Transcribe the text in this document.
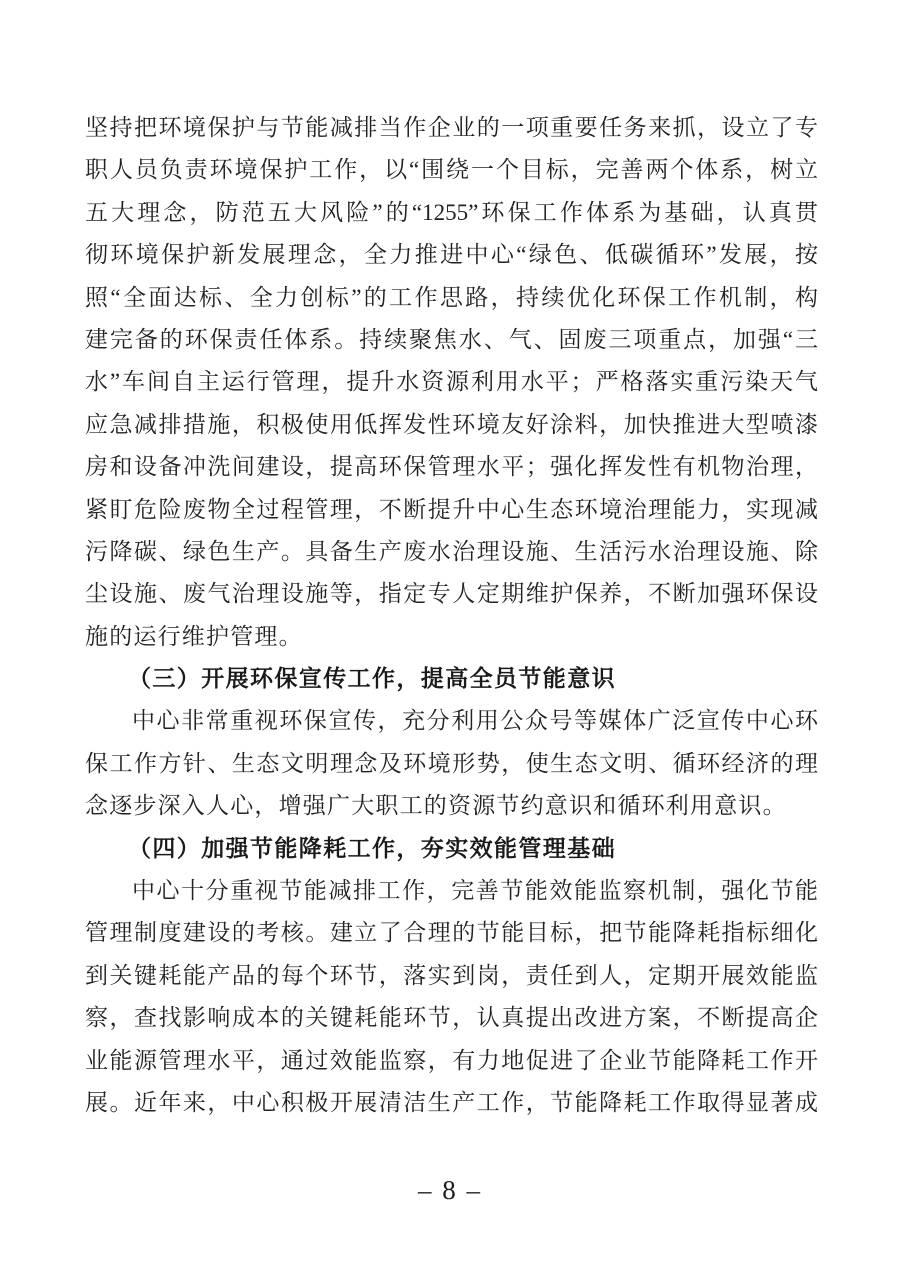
坚持把环境保护与节能减排当作企业的一项重要任务来抓，设立了专
职人员负责环境保护工作，以“围绕一个目标，完善两个体系，树立
五大理念，防范五大风险”的“1255”环保工作体系为基础，认真贯
彻环境保护新发展理念，全力推进中心“绿色、低碳循环”发展，按
照“全面达标、全力创标”的工作思路，持续优化环保工作机制，构
建完备的环保责任体系。持续聚焦水、气、固废三项重点，加强“三
水”车间自主运行管理，提升水资源利用水平；严格落实重污染天气
应急减排措施，积极使用低挥发性环境友好涂料，加快推进大型喷漆
房和设备冲洗间建设，提高环保管理水平；强化挥发性有机物治理，
紧盯危险废物全过程管理，不断提升中心生态环境治理能力，实现减
污降碳、绿色生产。具备生产废水治理设施、生活污水治理设施、除
尘设施、废气治理设施等，指定专人定期维护保养，不断加强环保设
施的运行维护管理。
（三）开展环保宣传工作，提高全员节能意识
中心非常重视环保宣传，充分利用公众号等媒体广泛宣传中心环
保工作方针、生态文明理念及环境形势，使生态文明、循环经济的理
念逐步深入人心，增强广大职工的资源节约意识和循环利用意识。
（四）加强节能降耗工作，夯实效能管理基础
中心十分重视节能减排工作，完善节能效能监察机制，强化节能
管理制度建设的考核。建立了合理的节能目标，把节能降耗指标细化
到关键耗能产品的每个环节，落实到岗，责任到人，定期开展效能监
察，查找影响成本的关键耗能环节，认真提出改进方案，不断提高企
业能源管理水平，通过效能监察，有力地促进了企业节能降耗工作开
展。近年来，中心积极开展清洁生产工作，节能降耗工作取得显著成
– 8 –
